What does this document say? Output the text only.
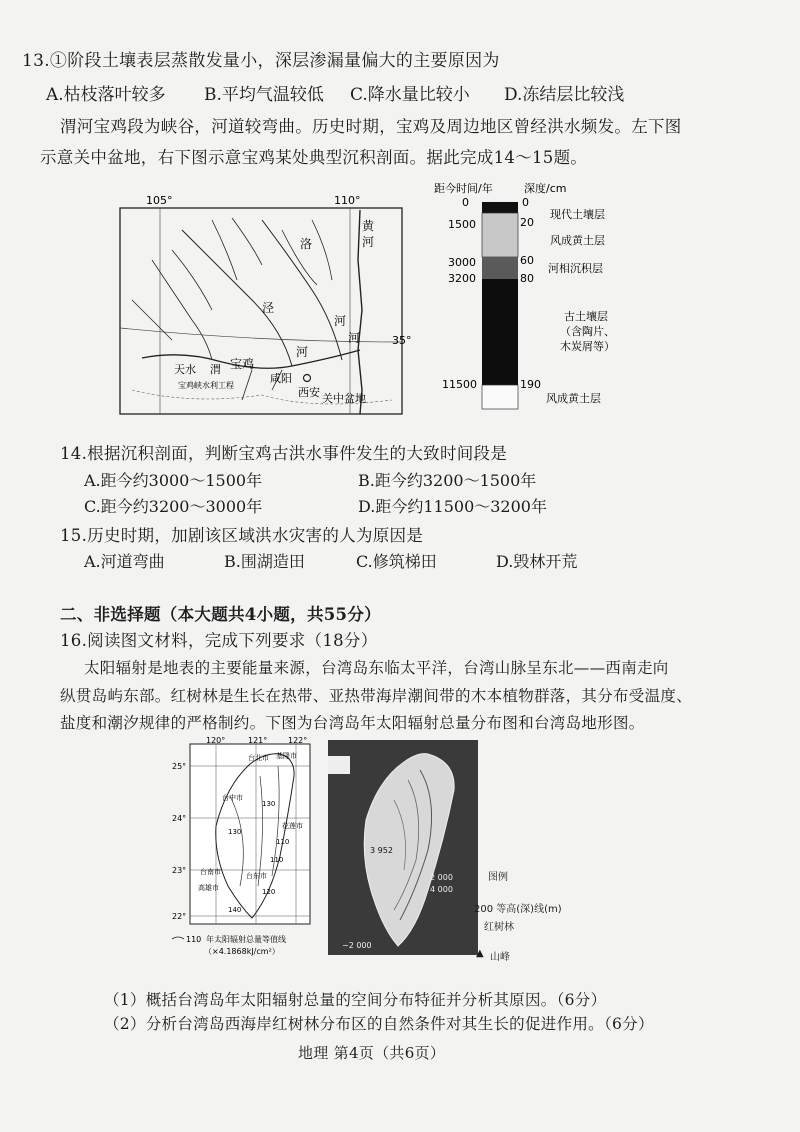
13.①阶段土壤表层蒸散发量小，深层渗漏量偏大的主要原因为
A.枯枝落叶较多 B.平均气温较低 C.降水量比较小 D.冻结层比较浅
渭河宝鸡段为峡谷，河道较弯曲。历史时期，宝鸡及周边地区曾经洪水频发。左下图
示意关中盆地，右下图示意宝鸡某处典型沉积剖面。据此完成14～15题。
105°	110°
35°
黄
河
洛
河
河
泾
河
天水 渭 宝鸡
咸阳
西安 关中盆地
宝鸡峡水利工程
距今时间/年	深度/cm
0
1500
3000
3200
11500
0
20
60
80
190
现代土壤层
风成黄土层
河相沉积层
古土壤层
（含陶片、
木炭屑等）
风成黄土层
14.根据沉积剖面，判断宝鸡古洪水事件发生的大致时间段是
A.距今约3000～1500年	B.距今约3200～1500年
C.距今约3200～3000年	D.距今约11500～3200年
15.历史时期，加剧该区域洪水灾害的人为原因是
A.河道弯曲	B.围湖造田	C.修筑梯田	D.毁林开荒
二、非选择题（本大题共4小题，共55分）
16.阅读图文材料，完成下列要求（18分）
太阳辐射是地表的主要能量来源，台湾岛东临太平洋，台湾山脉呈东北——西南走向
纵贯岛屿东部。红树林是生长在热带、亚热带海岸潮间带的木本植物群落，其分布受温度、
盐度和潮汐规律的严格制约。下图为台湾岛年太阳辐射总量分布图和台湾岛地形图。
120°	121°	122°
25°
24°
23°
22°
台北市 基隆市
台中市
花莲市
台南市	台东市
高雄市
130
130
110
120
140
110
110 年太阳辐射总量等值线
（×4.1868kJ/cm²）
3 952
2 000
4 000
−2 000
图例
200 等高(深)线(m)
红树林
▲ 山峰
（1）概括台湾岛年太阳辐射总量的空间分布特征并分析其原因。（6分）
（2）分析台湾岛西海岸红树林分布区的自然条件对其生长的促进作用。（6分）
地理 第4页（共6页）
